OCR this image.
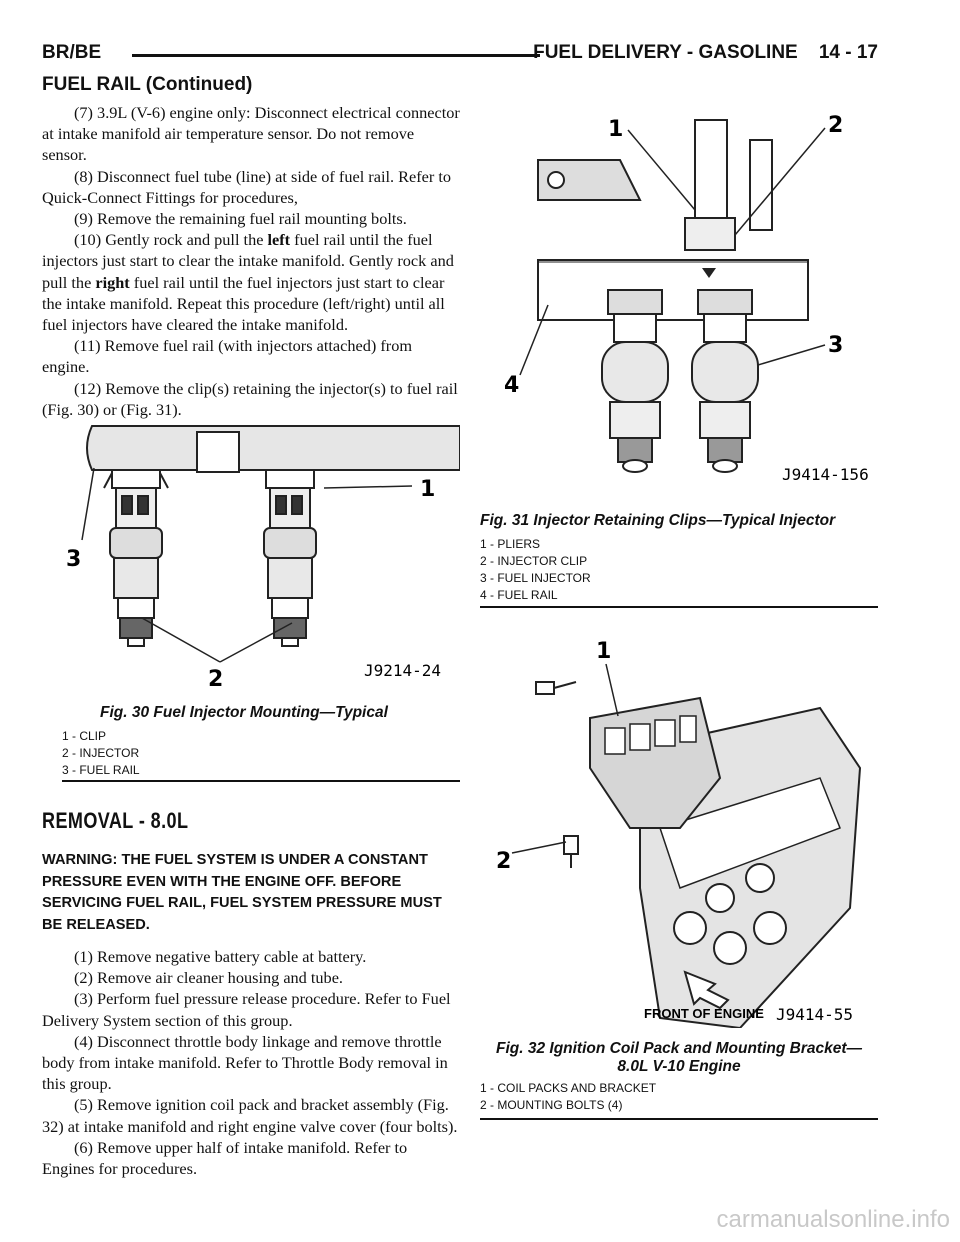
BR/BE	FUEL DELIVERY - GASOLINE    14 - 17
FUEL RAIL (Continued)

(7) 3.9L (V-6) engine only: Disconnect electrical connector at intake manifold air temperature sensor. Do not remove sensor.

(8) Disconnect fuel tube (line) at side of fuel rail. Refer to Quick-Connect Fittings for procedures,

(9) Remove the remaining fuel rail mounting bolts.

(10) Gently rock and pull the left fuel rail until the fuel injectors just start to clear the intake manifold. Gently rock and pull the right fuel rail until the fuel injectors just start to clear the intake manifold. Repeat this procedure (left/right) until all fuel injectors have cleared the intake manifold.

(11) Remove fuel rail (with injectors attached) from engine.

(12) Remove the clip(s) retaining the injector(s) to fuel rail (Fig. 30) or (Fig. 31).

1
2
3
J9214-24
Fig. 30 Fuel Injector Mounting—Typical
1 - CLIP
2 - INJECTOR
3 - FUEL RAIL
REMOVAL - 8.0L
WARNING: THE FUEL SYSTEM IS UNDER A CONSTANT PRESSURE EVEN WITH THE ENGINE OFF. BEFORE SERVICING FUEL RAIL, FUEL SYSTEM PRESSURE MUST BE RELEASED.

(1) Remove negative battery cable at battery.

(2) Remove air cleaner housing and tube.

(3) Perform fuel pressure release procedure. Refer to Fuel Delivery System section of this group.

(4) Disconnect throttle body linkage and remove throttle body from intake manifold. Refer to Throttle Body removal in this group.

(5) Remove ignition coil pack and bracket assembly (Fig. 32) at intake manifold and right engine valve cover (four bolts).

(6) Remove upper half of intake manifold. Refer to Engines for procedures.

1	2
3
4
J9414-156
Fig. 31 Injector Retaining Clips—Typical Injector
1 - PLIERS
2 - INJECTOR CLIP
3 - FUEL INJECTOR
4 - FUEL RAIL
1
2
FRONT OF ENGINE J9414-55
Fig. 32 Ignition Coil Pack and Mounting Bracket—
8.0L V-10 Engine
1 - COIL PACKS AND BRACKET
2 - MOUNTING BOLTS (4)
carmanualsonline.info
